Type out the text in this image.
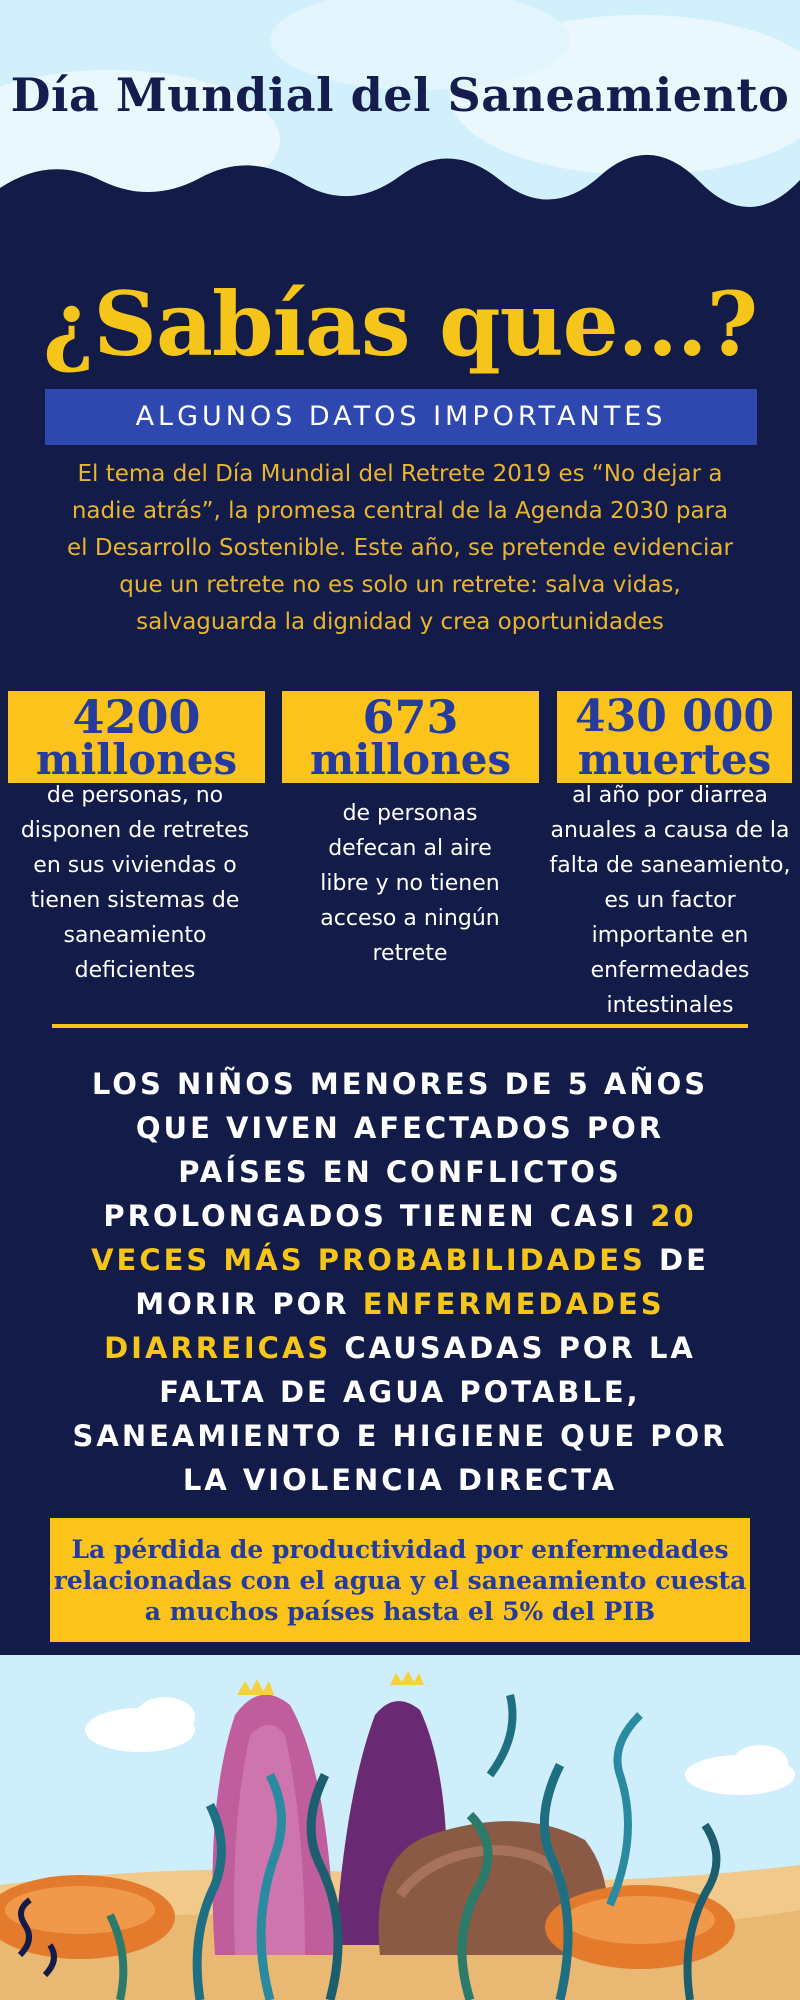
Día Mundial del Saneamiento
¿Sabías que...?
ALGUNOS DATOS IMPORTANTES
El tema del Día Mundial del Retrete 2019 es “No dejar a nadie atrás”, la promesa central de la Agenda 2030 para el Desarrollo Sostenible. Este año, se pretende evidenciar que un retrete no es solo un retrete: salva vidas, salvaguarda la dignidad y crea oportunidades
4200
millones
de personas, no disponen de retretes en sus viviendas o tienen sistemas de saneamiento deficientes
673
millones
de personas defecan al aire libre y no tienen acceso a ningún retrete
430 000
muertes
al año por diarrea anuales a causa de la falta de saneamiento, es un factor importante en enfermedades intestinales
LOS NIÑOS MENORES DE 5 AÑOS QUE VIVEN AFECTADOS POR PAÍSES EN CONFLICTOS PROLONGADOS TIENEN CASI 20 VECES MÁS PROBABILIDADES DE MORIR POR ENFERMEDADES DIARREICAS CAUSADAS POR LA FALTA DE AGUA POTABLE, SANEAMIENTO E HIGIENE QUE POR LA VIOLENCIA DIRECTA
La pérdida de productividad por enfermedades relacionadas con el agua y el saneamiento cuesta a muchos países hasta el 5% del PIB
